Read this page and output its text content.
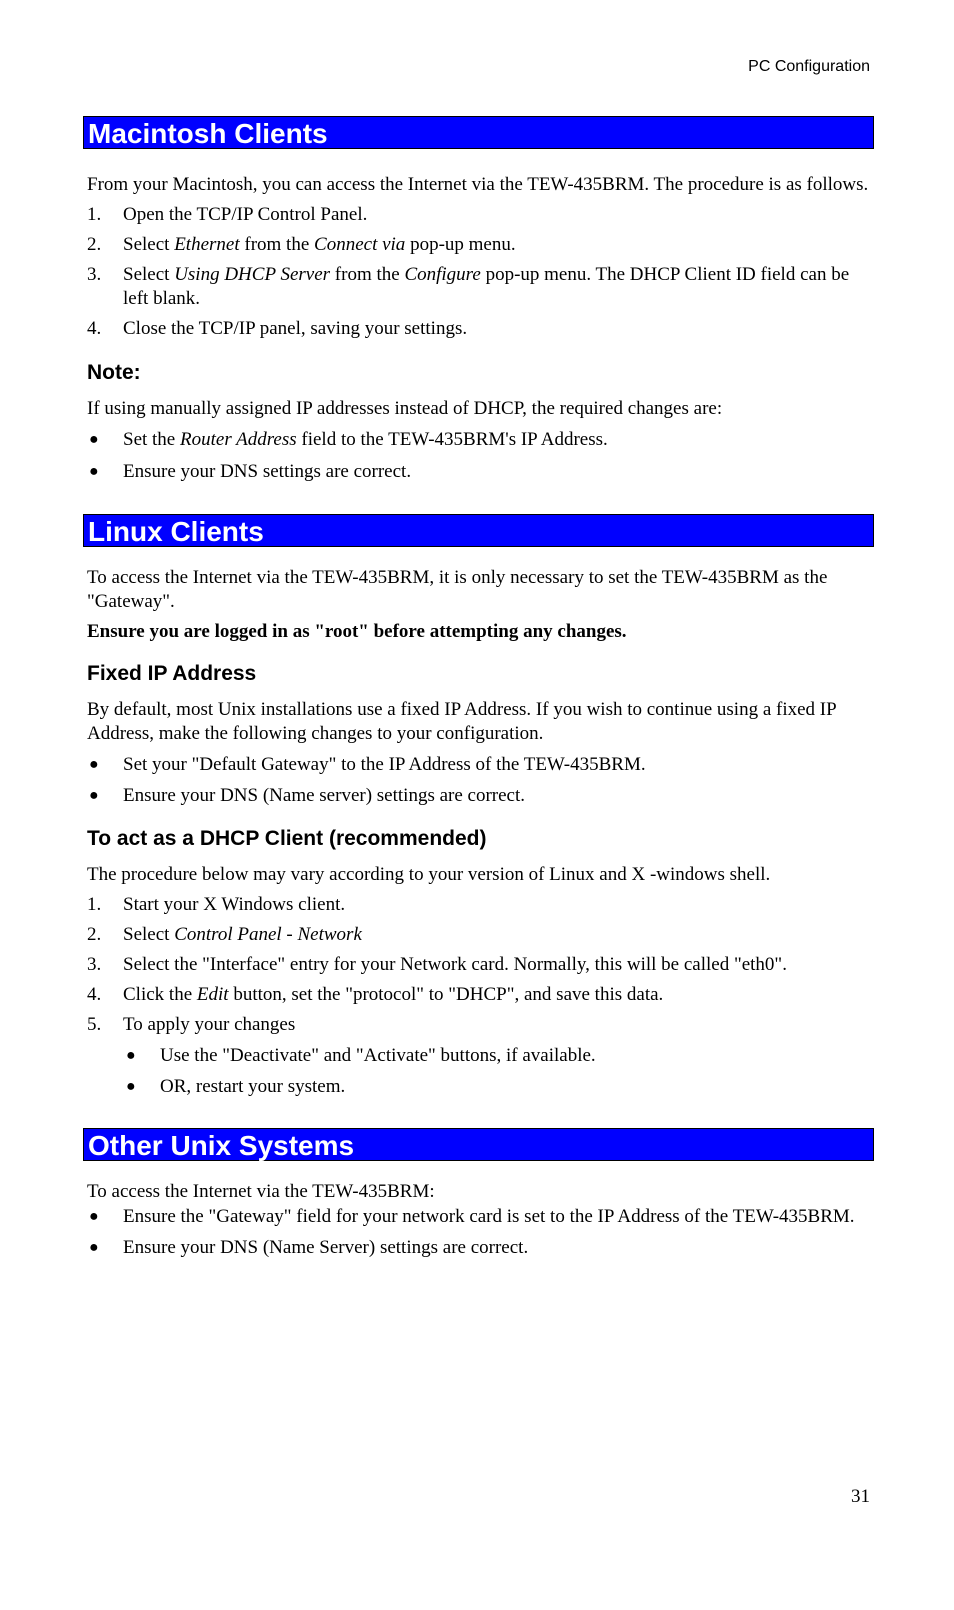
PC Configuration
Macintosh Clients

From your Macintosh, you can access the Internet via the TEW-435BRM. The procedure is as follows.

1.	Open the TCP/IP Control Panel.
2.	Select Ethernet from the Connect via pop-up menu.
3.	Select Using DHCP Server from the Configure pop-up menu. The DHCP Client ID field can be left blank.
4.	Close the TCP/IP panel, saving your settings.

Note:

If using manually assigned IP addresses instead of DHCP, the required changes are:

●	Set the Router Address field to the TEW-435BRM's IP Address.
●	Ensure your DNS settings are correct.
Linux Clients

To access the Internet via the TEW-435BRM, it is only necessary to set the TEW-435BRM as the "Gateway".

Ensure you are logged in as "root" before attempting any changes.

Fixed IP Address

By default, most Unix installations use a fixed IP Address. If you wish to continue using a fixed IP Address, make the following changes to your configuration.

●	Set your "Default Gateway" to the IP Address of the TEW-435BRM.
●	Ensure your DNS (Name server) settings are correct.

To act as a DHCP Client (recommended)

The procedure below may vary according to your version of Linux and X -windows shell.

1.	Start your X Windows client.
2.	Select Control Panel - Network
3.	Select the "Interface" entry for your Network card. Normally, this will be called "eth0".
4.	Click the Edit button, set the "protocol" to "DHCP", and save this data.
5.	To apply your changes
●	Use the "Deactivate" and "Activate" buttons, if available.
●	OR, restart your system.
Other Unix Systems

To access the Internet via the TEW-435BRM:

●	Ensure the "Gateway" field for your network card is set to the IP Address of the TEW-435BRM.
●	Ensure your DNS (Name Server) settings are correct.
31
